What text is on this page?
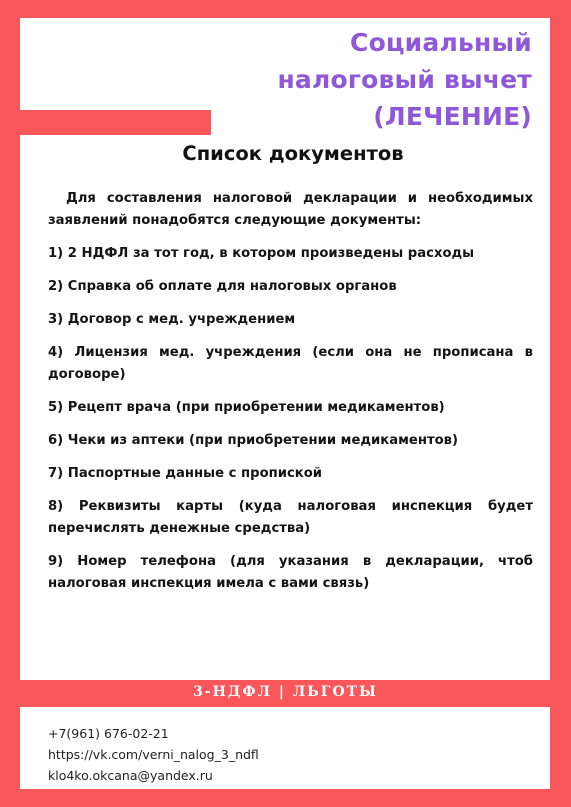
Социальный
налоговый вычет
(ЛЕЧЕНИЕ)
Список документов

Для составления налоговой декларации и необходимых заявлений понадобятся следующие документы:

1) 2 НДФЛ за тот год, в котором произведены расходы

2) Справка об оплате для налоговых органов

3) Договор с мед. учреждением

4) Лицензия мед. учреждения (если она не прописана в договоре)

5) Рецепт врача (при приобретении медикаментов)

6) Чеки из аптеки (при приобретении медикаментов)

7) Паспортные данные с пропиской

8) Реквизиты карты (куда налоговая инспекция будет перечислять денежные средства)

9) Номер телефона (для указания в декларации, чтоб налоговая инспекция имела с вами связь)

3-НДФЛ | ЛЬГОТЫ
+7(961) 676-02-21
https://vk.com/verni_nalog_3_ndfl
klo4ko.okcana@yandex.ru
